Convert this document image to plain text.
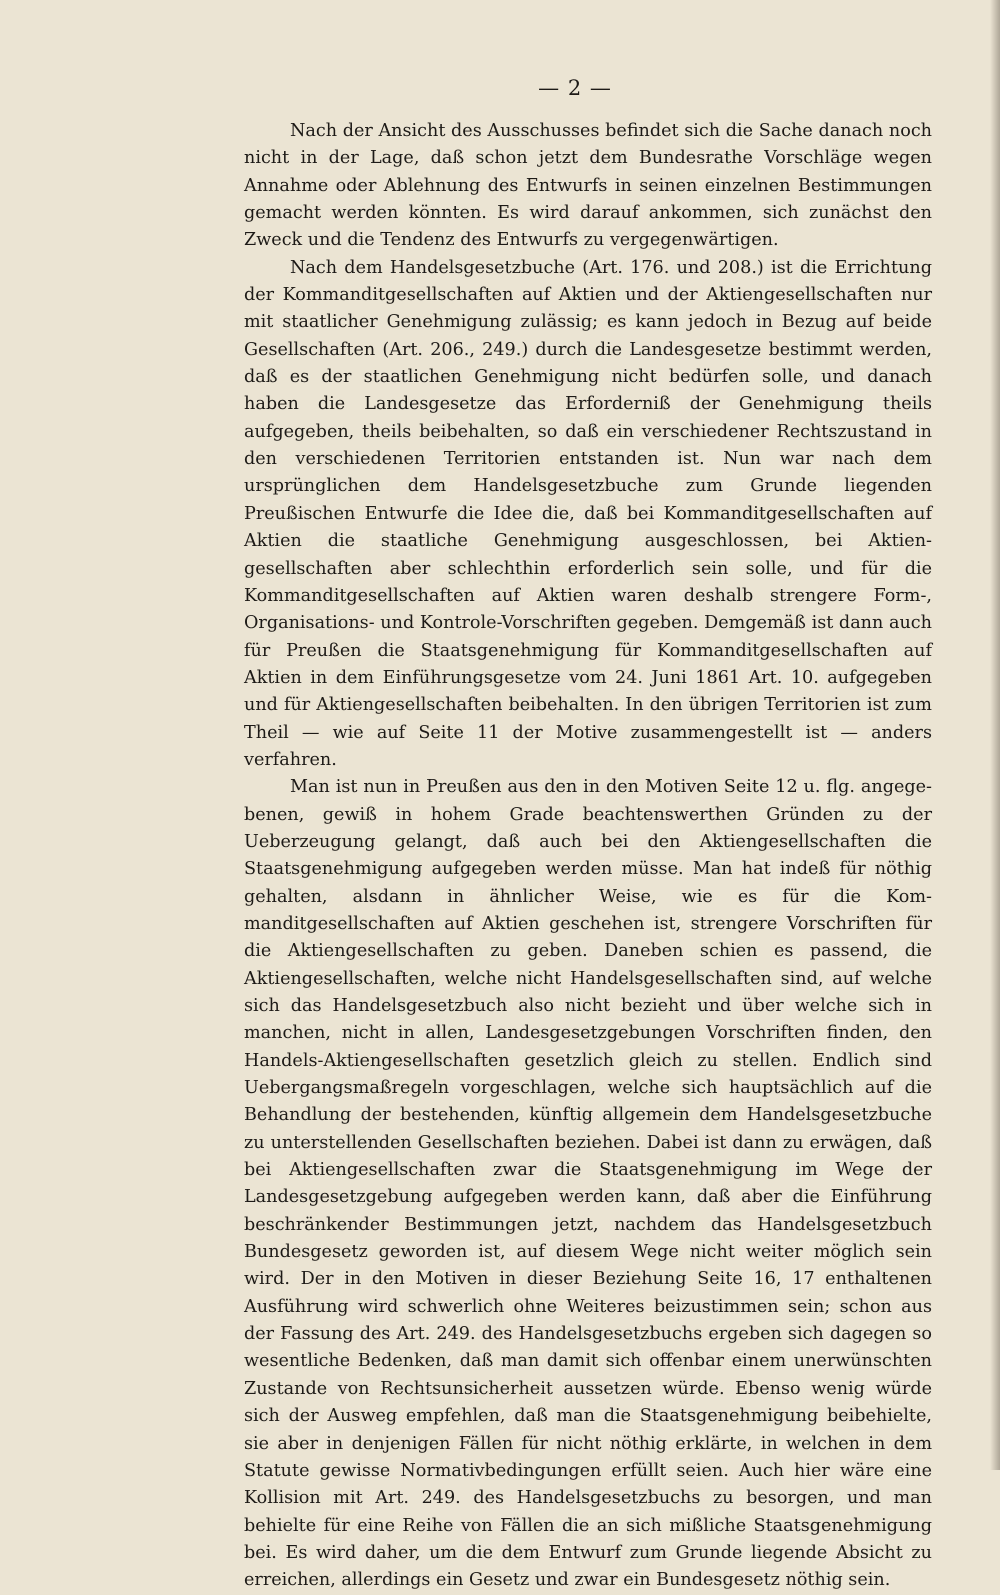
— 2 —

Nach der Ansicht des Ausschusses befindet sich die Sache danach noch nicht in der Lage, daß schon jetzt dem Bundesrathe Vorschläge wegen Annahme oder Ablehnung des Entwurfs in seinen einzelnen Bestimmungen gemacht werden könnten. Es wird darauf ankommen, sich zunächst den Zweck und die Tendenz des Entwurfs zu vergegenwärtigen.

Nach dem Handelsgesetzbuche (Art. 176. und 208.) ist die Errichtung der Kommanditgesellschaften auf Aktien und der Aktiengesellschaften nur mit staatlicher Genehmigung zulässig; es kann jedoch in Bezug auf beide Gesellschaften (Art. 206., 249.) durch die Landesgesetze bestimmt werden, daß es der staatlichen Genehmigung nicht bedürfen solle, und danach haben die Landesgesetze das Erforderniß der Genehmigung theils aufgegeben, theils beibehalten, so daß ein verschiedener Rechtszustand in den verschiedenen Territorien entstanden ist. Nun war nach dem ursprünglichen dem Handelsgesetzbuche zum Grunde liegenden Preußischen Entwurfe die Idee die, daß bei Kommanditgesellschaften auf Aktien die staatliche Genehmigung ausgeschlossen, bei Aktiengesellschaften aber schlechthin erforderlich sein solle, und für die Kommanditgesellschaften auf Aktien waren deshalb strengere Form-, Organisations- und Kontrole-Vorschriften gegeben. Demgemäß ist dann auch für Preußen die Staatsgenehmigung für Kommanditgesellschaften auf Aktien in dem Einführungsgesetze vom 24. Juni 1861 Art. 10. aufgegeben und für Aktiengesellschaften beibehalten. In den übrigen Territorien ist zum Theil — wie auf Seite 11 der Motive zusammengestellt ist — anders verfahren.

Man ist nun in Preußen aus den in den Motiven Seite 12 u. flg. angegebenen, gewiß in hohem Grade beachtenswerthen Gründen zu der Ueberzeugung gelangt, daß auch bei den Aktiengesellschaften die Staatsgenehmigung aufgegeben werden müsse. Man hat indeß für nöthig gehalten, alsdann in ähnlicher Weise, wie es für die Kommanditgesellschaften auf Aktien geschehen ist, strengere Vorschriften für die Aktiengesellschaften zu geben. Daneben schien es passend, die Aktiengesellschaften, welche nicht Handelsgesellschaften sind, auf welche sich das Handelsgesetzbuch also nicht bezieht und über welche sich in manchen, nicht in allen, Landesgesetzgebungen Vorschriften finden, den Handels-Aktiengesellschaften gesetzlich gleich zu stellen. Endlich sind Uebergangsmaßregeln vorgeschlagen, welche sich hauptsächlich auf die Behandlung der bestehenden, künftig allgemein dem Handelsgesetzbuche zu unterstellenden Gesellschaften beziehen. Dabei ist dann zu erwägen, daß bei Aktiengesellschaften zwar die Staatsgenehmigung im Wege der Landesgesetzgebung aufgegeben werden kann, daß aber die Einführung beschränkender Bestimmungen jetzt, nachdem das Handelsgesetzbuch Bundesgesetz geworden ist, auf diesem Wege nicht weiter möglich sein wird. Der in den Motiven in dieser Beziehung Seite 16, 17 enthaltenen Ausführung wird schwerlich ohne Weiteres beizustimmen sein; schon aus der Fassung des Art. 249. des Handelsgesetzbuchs ergeben sich dagegen so wesentliche Bedenken, daß man damit sich offenbar einem unerwünschten Zustande von Rechtsunsicherheit aussetzen würde. Ebenso wenig würde sich der Ausweg empfehlen, daß man die Staatsgenehmigung beibehielte, sie aber in denjenigen Fällen für nicht nöthig erklärte, in welchen in dem Statute gewisse Normativbedingungen erfüllt seien. Auch hier wäre eine Kollision mit Art. 249. des Handelsgesetzbuchs zu besorgen, und man behielte für eine Reihe von Fällen die an sich mißliche Staatsgenehmigung bei. Es wird daher, um die dem Entwurf zum Grunde liegende Absicht zu erreichen, allerdings ein Gesetz und zwar ein Bundesgesetz nöthig sein.
